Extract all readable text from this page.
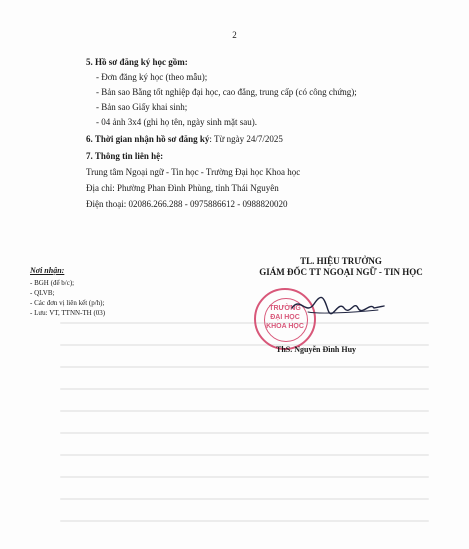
2

5. Hồ sơ đăng ký học gồm:

- Đơn đăng ký học (theo mẫu);

- Bản sao Bằng tốt nghiệp đại học, cao đẳng, trung cấp (có công chứng);

- Bản sao Giấy khai sinh;

- 04 ảnh 3x4 (ghi họ tên, ngày sinh mặt sau).

6. Thời gian nhận hồ sơ đăng ký: Từ ngày 24/7/2025

7. Thông tin liên hệ:

Trung tâm Ngoại ngữ - Tin học - Trường Đại học Khoa học

Địa chỉ: Phường Phan Đình Phùng, tỉnh Thái Nguyên

Điện thoại: 02086.266.288 - 0975886612 - 0988820020

Nơi nhận:
- BGH (để b/c);
- QLVB;
- Các đơn vị liên kết (p/h);
- Lưu: VT, TTNN-TH (03)
TL. HIỆU TRƯỞNG
GIÁM ĐỐC TT NGOẠI NGỮ - TIN HỌC
TRƯỜNG
ĐẠI HỌC
KHOA HỌC
ThS. Nguyễn Đình Huy
